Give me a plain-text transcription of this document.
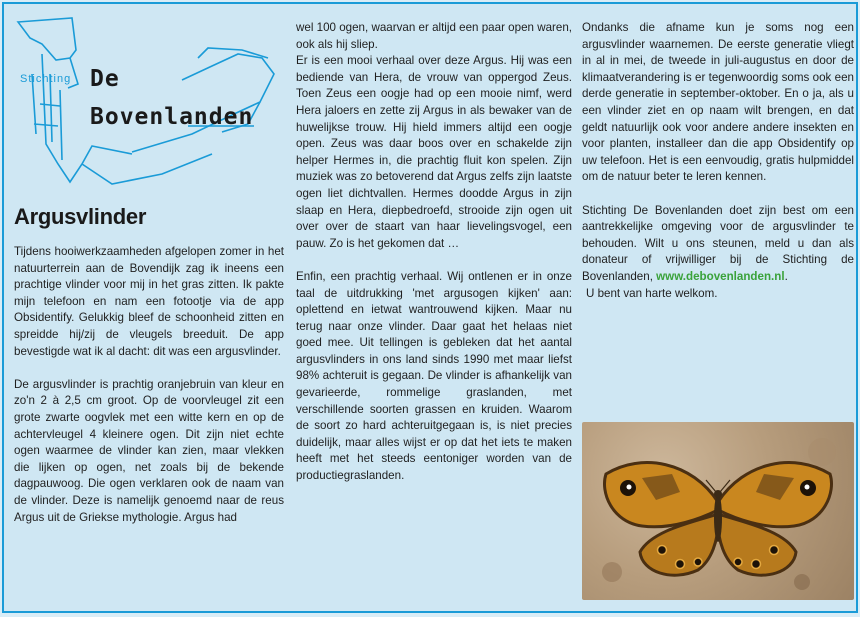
Stichting De
Bovenlanden
Argusvlinder

Tijdens hooiwerkzaamheden afgelopen zomer in het natuurterrein aan de Bovendijk zag ik ineens een prachtige vlinder voor mij in het gras zitten. Ik pakte mijn telefoon en nam een fotootje via de app Obsidentify. Gelukkig bleef de schoonheid zitten en spreidde hij/zij de vleugels breeduit. De app bevestigde wat ik al dacht: dit was een argusvlinder.

De argusvlinder is prachtig oranjebruin van kleur en zo'n 2 à 2,5 cm groot. Op de voorvleugel zit een grote zwarte oogvlek met een witte kern en op de achtervleugel 4 kleinere ogen. Dit zijn niet echte ogen waarmee de vlinder kan zien, maar vlekken die lijken op ogen, net zoals bij de bekende dagpauwoog. Die ogen verklaren ook de naam van de vlinder. Deze is namelijk genoemd naar de reus Argus uit de Griekse mythologie. Argus had

wel 100 ogen, waarvan er altijd een paar open waren, ook als hij sliep.

Er is een mooi verhaal over deze Argus. Hij was een bediende van Hera, de vrouw van oppergod Zeus. Toen Zeus een oogje had op een mooie nimf, werd Hera jaloers en zette zij Argus in als bewaker van de huwelijkse trouw. Hij hield immers altijd een oogje open. Zeus was daar boos over en schakelde zijn helper Hermes in, die prachtig fluit kon spelen. Zijn muziek was zo betoverend dat Argus zelfs zijn laatste ogen liet dichtvallen. Hermes doodde Argus in zijn slaap en Hera, diepbedroefd, strooide zijn ogen uit over over de staart van haar lievelingsvogel, een pauw. Zo is het gekomen dat …

Enfin, een prachtig verhaal. Wij ontlenen er in onze taal de uitdrukking 'met argusogen kijken' aan: oplettend en ietwat wantrouwend kijken. Maar nu terug naar onze vlinder. Daar gaat het helaas niet goed mee. Uit tellingen is gebleken dat het aantal argusvlinders in ons land sinds 1990 met maar liefst 98% achteruit is gegaan. De vlinder is afhankelijk van gevarieerde, rommelige graslanden, met verschillende soorten grassen en kruiden. Waarom de soort zo hard achteruitgegaan is, is niet precies duidelijk, maar alles wijst er op dat het iets te maken heeft met het steeds eentoniger worden van de productiegraslanden.

Ondanks die afname kun je soms nog een argusvlinder waarnemen. De eerste generatie vliegt in al in mei, de tweede in juli-augustus en door de klimaatverandering is er tegenwoordig soms ook een derde generatie in september-oktober. En o ja, als u een vlinder ziet en op naam wilt brengen, en dat geldt natuurlijk ook voor andere andere insekten en voor planten, installeer dan die app Obsidentify op uw telefoon. Het is een eenvoudig, gratis hulpmiddel om de natuur beter te leren kennen.

Stichting De Bovenlanden doet zijn best om een aantrekkelijke omgeving voor de argusvlinder te behouden. Wilt u ons steunen, meld u dan als donateur of vrijwilliger bij de Stichting de Bovenlanden, www.debovenlanden.nl.

U bent van harte welkom.
